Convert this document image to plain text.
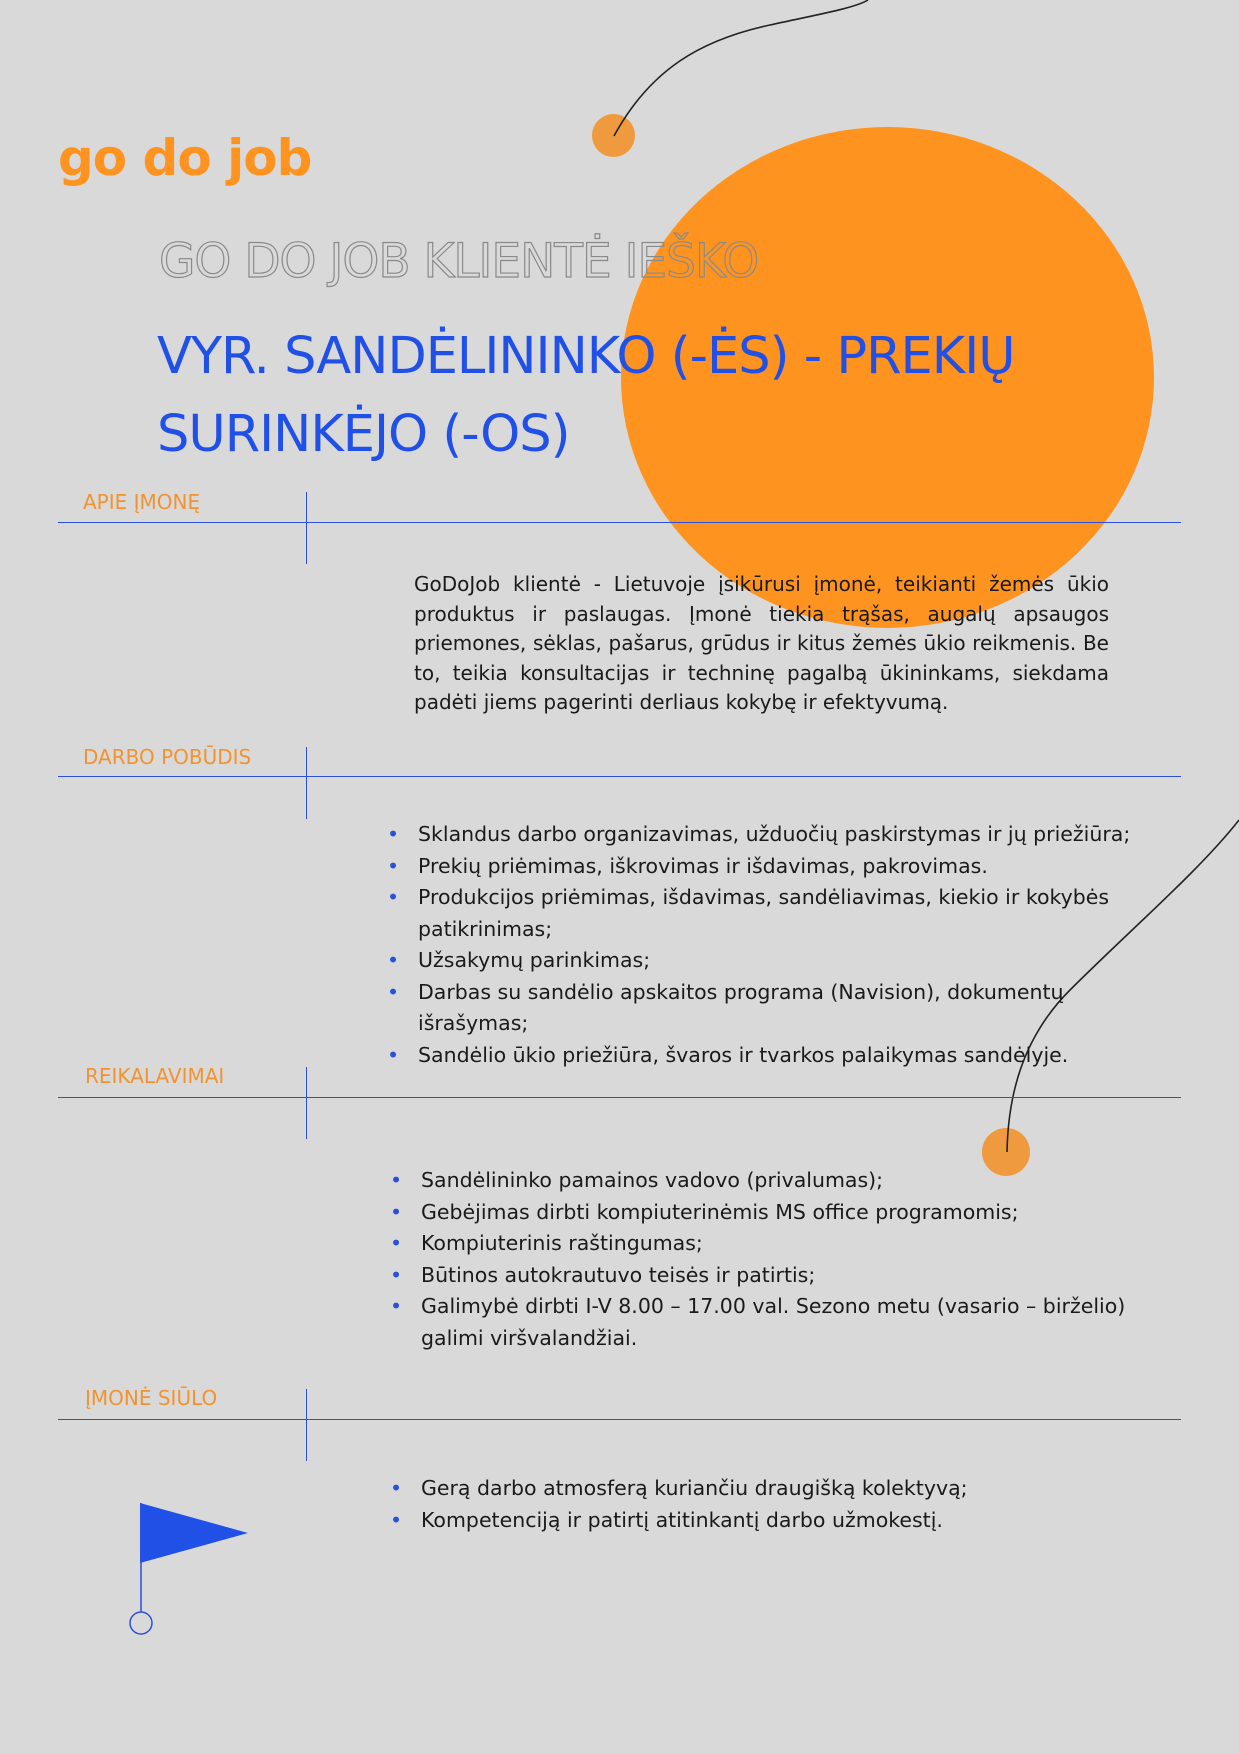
go do job
GO DO JOB KLIENTĖ IEŠKO
VYR. SANDĖLININKO (-ĖS) - PREKIŲ
SURINKĖJO (-OS)
APIE ĮMONĘ

GoDoJob klientė - Lietuvoje įsikūrusi įmonė, teikianti žemės ūkio produktus ir paslaugas. Įmonė tiekia trąšas, augalų apsaugos priemones, sėklas, pašarus, grūdus ir kitus žemės ūkio reikmenis. Be to, teikia konsultacijas ir techninę pagalbą ūkininkams, siekdama padėti jiems pagerinti derliaus kokybę ir efektyvumą.

DARBO POBŪDIS
• Sklandus darbo organizavimas, užduočių paskirstymas ir jų priežiūra;
• Prekių priėmimas, iškrovimas ir išdavimas, pakrovimas.
• Produkcijos priėmimas, išdavimas, sandėliavimas, kiekio ir kokybės patikrinimas;
• Užsakymų parinkimas;
• Darbas su sandėlio apskaitos programa (Navision), dokumentų išrašymas;
• Sandėlio ūkio priežiūra, švaros ir tvarkos palaikymas sandėlyje.
REIKALAVIMAI
• Sandėlininko pamainos vadovo (privalumas);
• Gebėjimas dirbti kompiuterinėmis MS office programomis;
• Kompiuterinis raštingumas;
• Būtinos autokrautuvo teisės ir patirtis;
• Galimybė dirbti I-V 8.00 – 17.00 val. Sezono metu (vasario – birželio) galimi viršvalandžiai.
ĮMONĖ SIŪLO
• Gerą darbo atmosferą kuriančiu draugišką kolektyvą;
• Kompetenciją ir patirtį atitinkantį darbo užmokestį.
